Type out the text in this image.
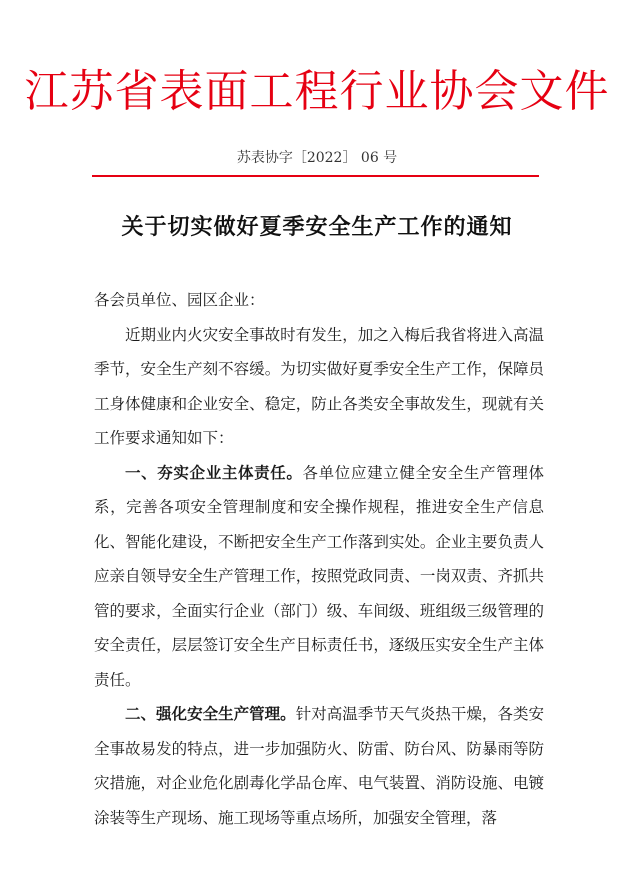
江苏省表面工程行业协会文件
苏表协字［2022］ 06 号
关于切实做好夏季安全生产工作的通知

各会员单位、园区企业：

近期业内火灾安全事故时有发生，加之入梅后我省将进入高温季节，安全生产刻不容缓。为切实做好夏季安全生产工作，保障员工身体健康和企业安全、稳定，防止各类安全事故发生，现就有关工作要求通知如下：

一、夯实企业主体责任。各单位应建立健全安全生产管理体系，完善各项安全管理制度和安全操作规程，推进安全生产信息化、智能化建设，不断把安全生产工作落到实处。企业主要负责人应亲自领导安全生产管理工作，按照党政同责、一岗双责、齐抓共管的要求，全面实行企业（部门）级、车间级、班组级三级管理的安全责任，层层签订安全生产目标责任书，逐级压实安全生产主体责任。

二、强化安全生产管理。针对高温季节天气炎热干燥，各类安全事故易发的特点，进一步加强防火、防雷、防台风、防暴雨等防灾措施，对企业危化剧毒化学品仓库、电气装置、消防设施、电镀涂装等生产现场、施工现场等重点场所，加强安全管理，落
